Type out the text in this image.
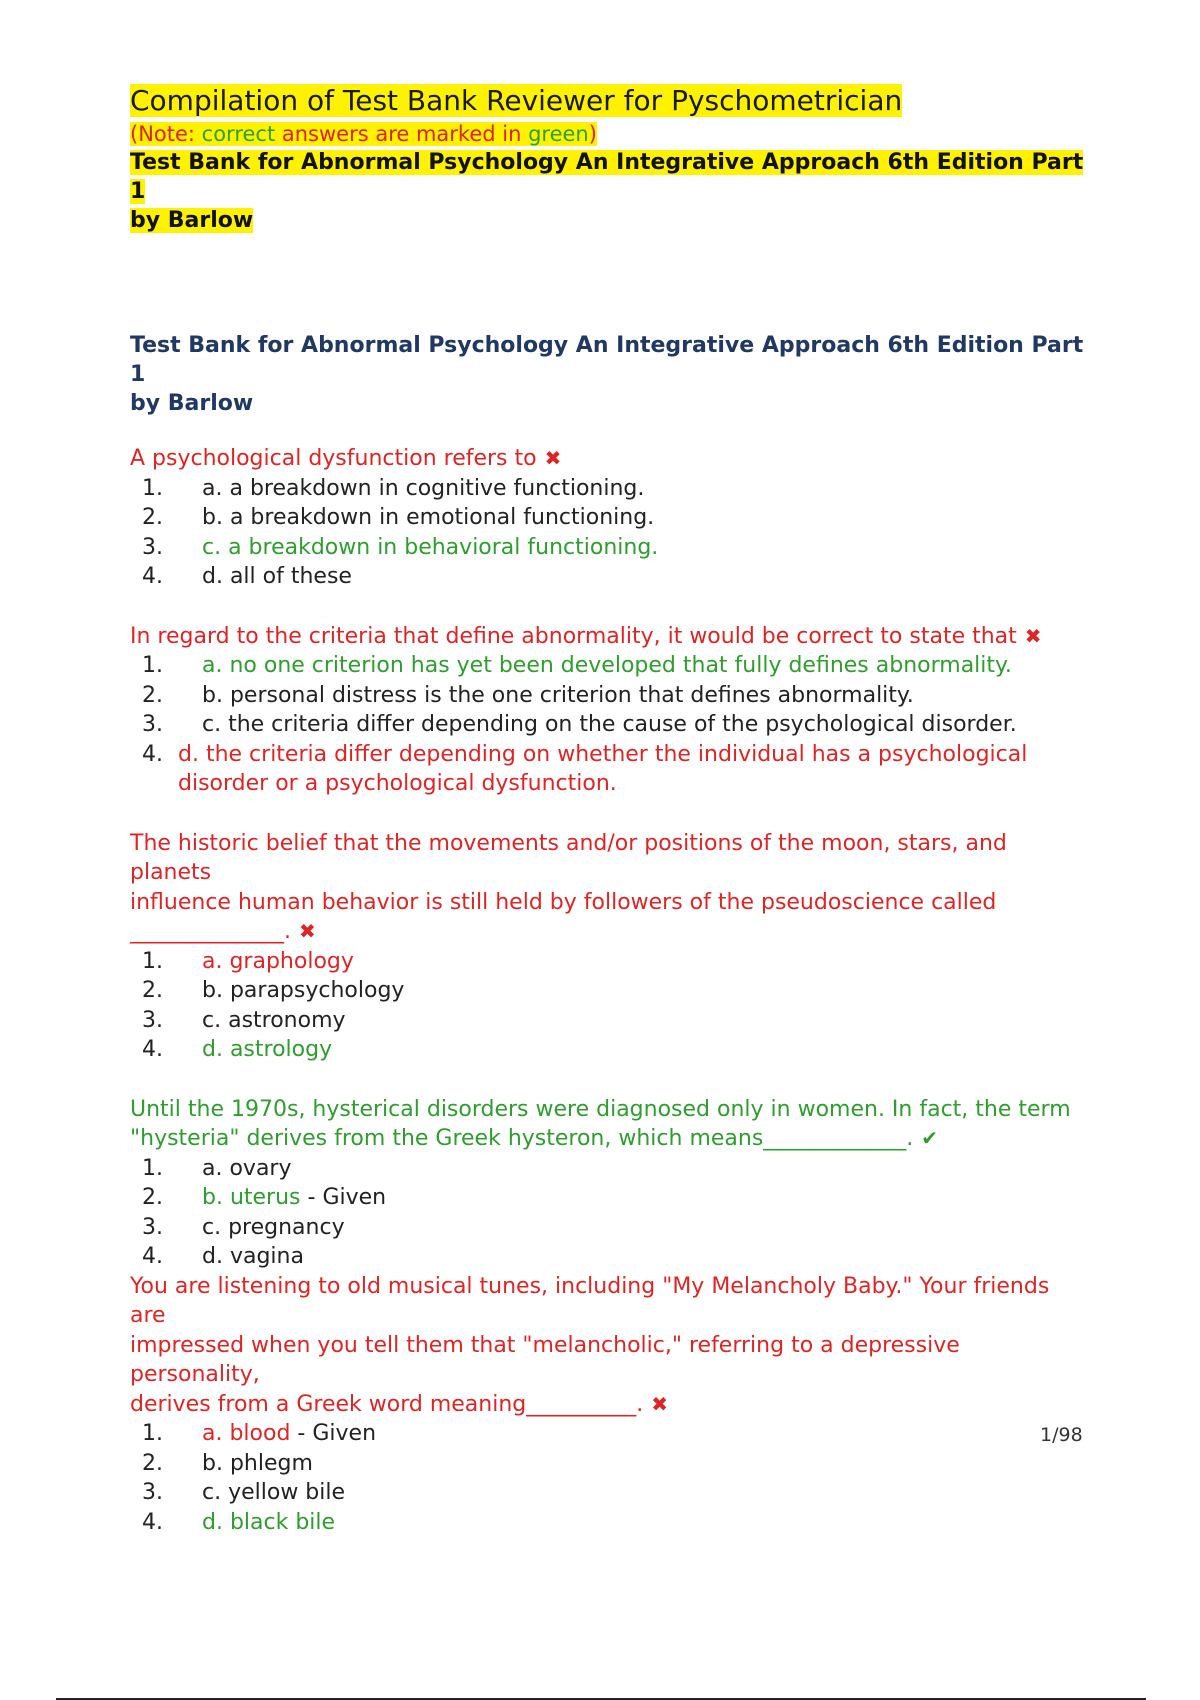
Compilation of Test Bank Reviewer for Pyschometrician

(Note: correct answers are marked in green)

Test Bank for Abnormal Psychology An Integrative Approach 6th Edition Part 1
by Barlow

Test Bank for Abnormal Psychology An Integrative Approach 6th Edition Part 1
by Barlow

A psychological dysfunction refers to ✖

1. a. a breakdown in cognitive functioning.
2. b. a breakdown in emotional functioning.
3. c. a breakdown in behavioral functioning.
4. d. all of these

In regard to the criteria that define abnormality, it would be correct to state that ✖

1. a. no one criterion has yet been developed that fully defines abnormality.
2. b. personal distress is the one criterion that defines abnormality.
3. c. the criteria differ depending on the cause of the psychological disorder.
4. d. the criteria differ depending on whether the individual has a psychological disorder or a psychological dysfunction.

The historic belief that the movements and/or positions of the moon, stars, and planets
influence human behavior is still held by followers of the pseudoscience called
______________. ✖

1. a. graphology
2. b. parapsychology
3. c. astronomy
4. d. astrology

Until the 1970s, hysterical disorders were diagnosed only in women. In fact, the term
"hysteria" derives from the Greek hysteron, which means_____________. ✔

1. a. ovary
2. b. uterus - Given
3. c. pregnancy
4. d. vagina

You are listening to old musical tunes, including "My Melancholy Baby." Your friends are
impressed when you tell them that "melancholic," referring to a depressive personality,
derives from a Greek word meaning__________. ✖

1. a. blood - Given
2. b. phlegm
3. c. yellow bile
4. d. black bile
1/98
